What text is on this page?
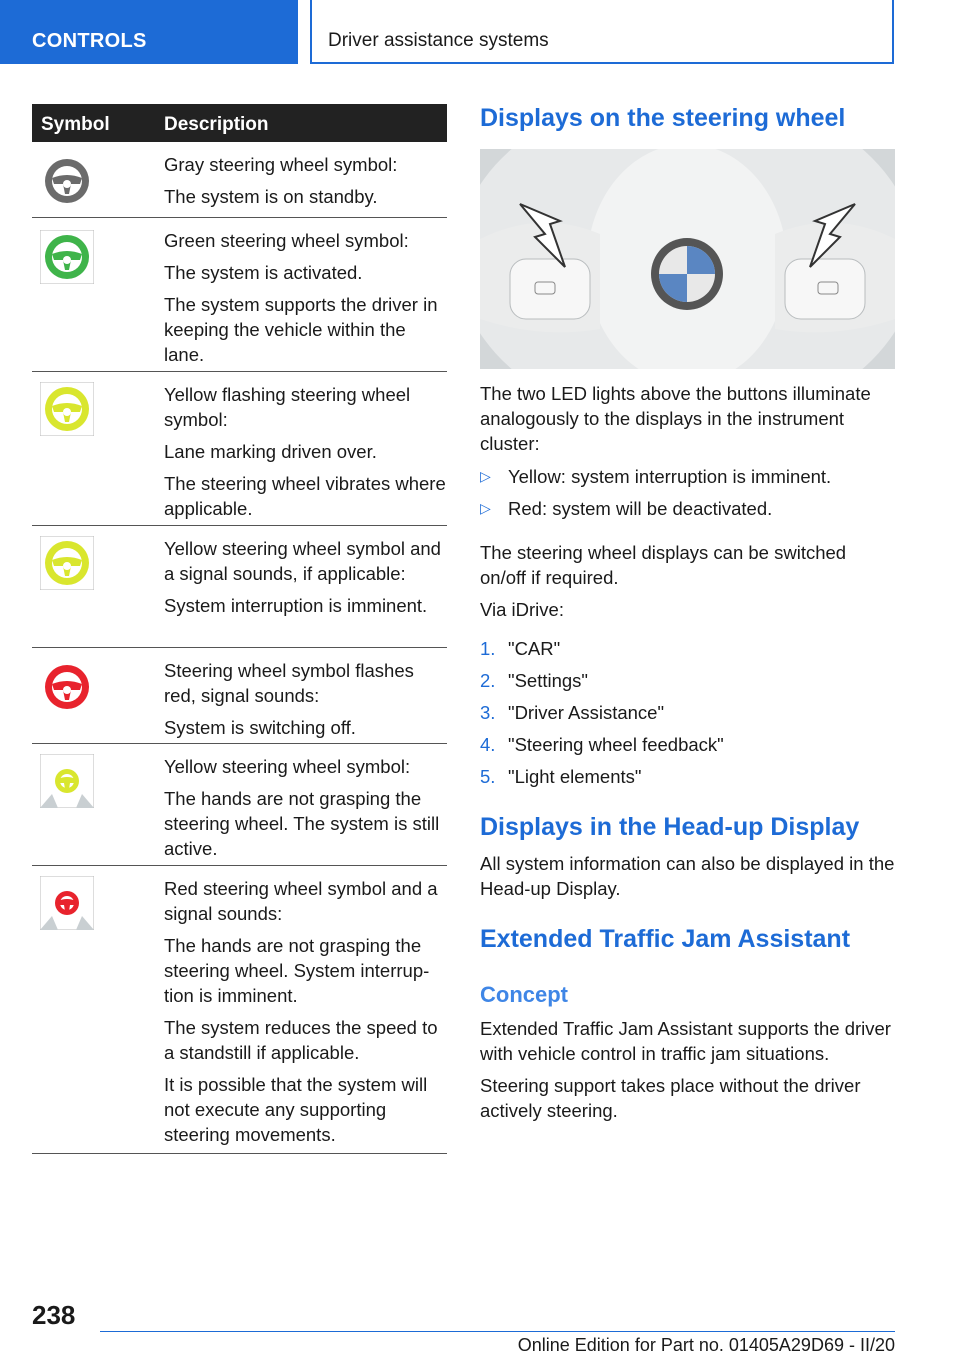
CONTROLS	Driver assistance systems
Symbol	Description

Gray steering wheel symbol:

The system is on standby.

Green steering wheel symbol:

The system is activated.

The system supports the driver in keeping the vehicle within the lane.

Yellow flashing steering wheel symbol:

Lane marking driven over.

The steering wheel vibrates where applicable.

Yellow steering wheel symbol and a signal sounds, if applicable:

System interruption is imminent.

Steering wheel symbol flashes red, signal sounds:

System is switching off.

Yellow steering wheel symbol:

The hands are not grasping the steering wheel. The system is still active.

Red steering wheel symbol and a signal sounds:

The hands are not grasping the steering wheel. System interruption is imminent.

The system reduces the speed to a standstill if applicable.

It is possible that the system will not execute any supporting steering movements.

Displays on the steering wheel

The two LED lights above the buttons illuminate analogously to the displays in the instrument cluster:

▷ Yellow: system interruption is imminent.
▷ Red: system will be deactivated.

The steering wheel displays can be switched on/off if required.

Via iDrive:

1. "CAR"
2. "Settings"
3. "Driver Assistance"
4. "Steering wheel feedback"
5. "Light elements"
Displays in the Head-up Display

All system information can also be displayed in the Head-up Display.

Extended Traffic Jam Assistant
Concept

Extended Traffic Jam Assistant supports the driver with vehicle control in traffic jam situations.

Steering support takes place without the driver actively steering.

238
Online Edition for Part no. 01405A29D69 - II/20
